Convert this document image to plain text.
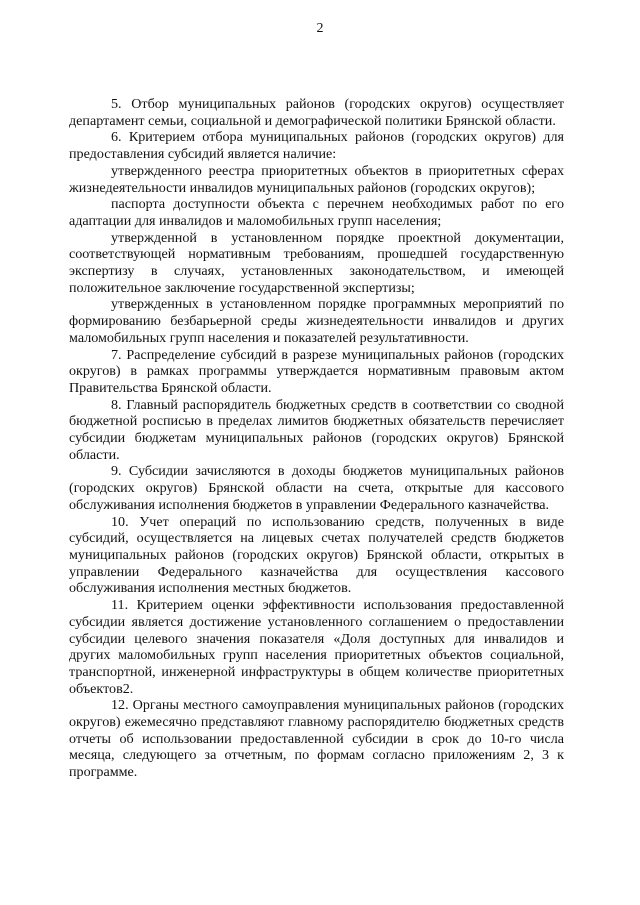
2

5. Отбор муниципальных районов (городских округов) осуществляет департамент семьи, социальной и демографической политики Брянской области.

6. Критерием отбора муниципальных районов (городских округов) для предоставления субсидий является наличие:

утвержденного реестра приоритетных объектов в приоритетных сферах жизнедеятельности инвалидов муниципальных районов (городских округов);

паспорта доступности объекта с перечнем необходимых работ по его адаптации для инвалидов и маломобильных групп населения;

утвержденной в установленном порядке проектной документации, соответствующей нормативным требованиям, прошедшей государственную экспертизу в случаях, установленных законодательством, и имеющей положительное заключение государственной экспертизы;

утвержденных в установленном порядке программных мероприятий по формированию безбарьерной среды жизнедеятельности инвалидов и других маломобильных групп населения и показателей результативности.

7. Распределение субсидий в разрезе муниципальных районов (городских округов) в рамках программы утверждается нормативным правовым актом Правительства Брянской области.

8. Главный распорядитель бюджетных средств в соответствии со сводной бюджетной росписью в пределах лимитов бюджетных обязательств перечисляет субсидии бюджетам муниципальных районов (городских округов) Брянской области.

9. Субсидии зачисляются в доходы бюджетов муниципальных районов (городских округов) Брянской области на счета, открытые для кассового обслуживания исполнения бюджетов в управлении Федерального казначейства.

10. Учет операций по использованию средств, полученных в виде субсидий, осуществляется на лицевых счетах получателей средств бюджетов муниципальных районов (городских округов) Брянской области, открытых в управлении Федерального казначейства для осуществления кассового обслуживания исполнения местных бюджетов.

11. Критерием оценки эффективности использования предоставленной субсидии является достижение установленного соглашением о предоставлении субсидии целевого значения показателя «Доля доступных для инвалидов и других маломобильных групп населения приоритетных объектов социальной, транспортной, инженерной инфраструктуры в общем количестве приоритетных объектов2.

12. Органы местного самоуправления муниципальных районов (городских округов) ежемесячно представляют главному распорядителю бюджетных средств отчеты об использовании предоставленной субсидии в срок до 10-го числа месяца, следующего за отчетным, по формам согласно приложениям 2, 3 к программе.
